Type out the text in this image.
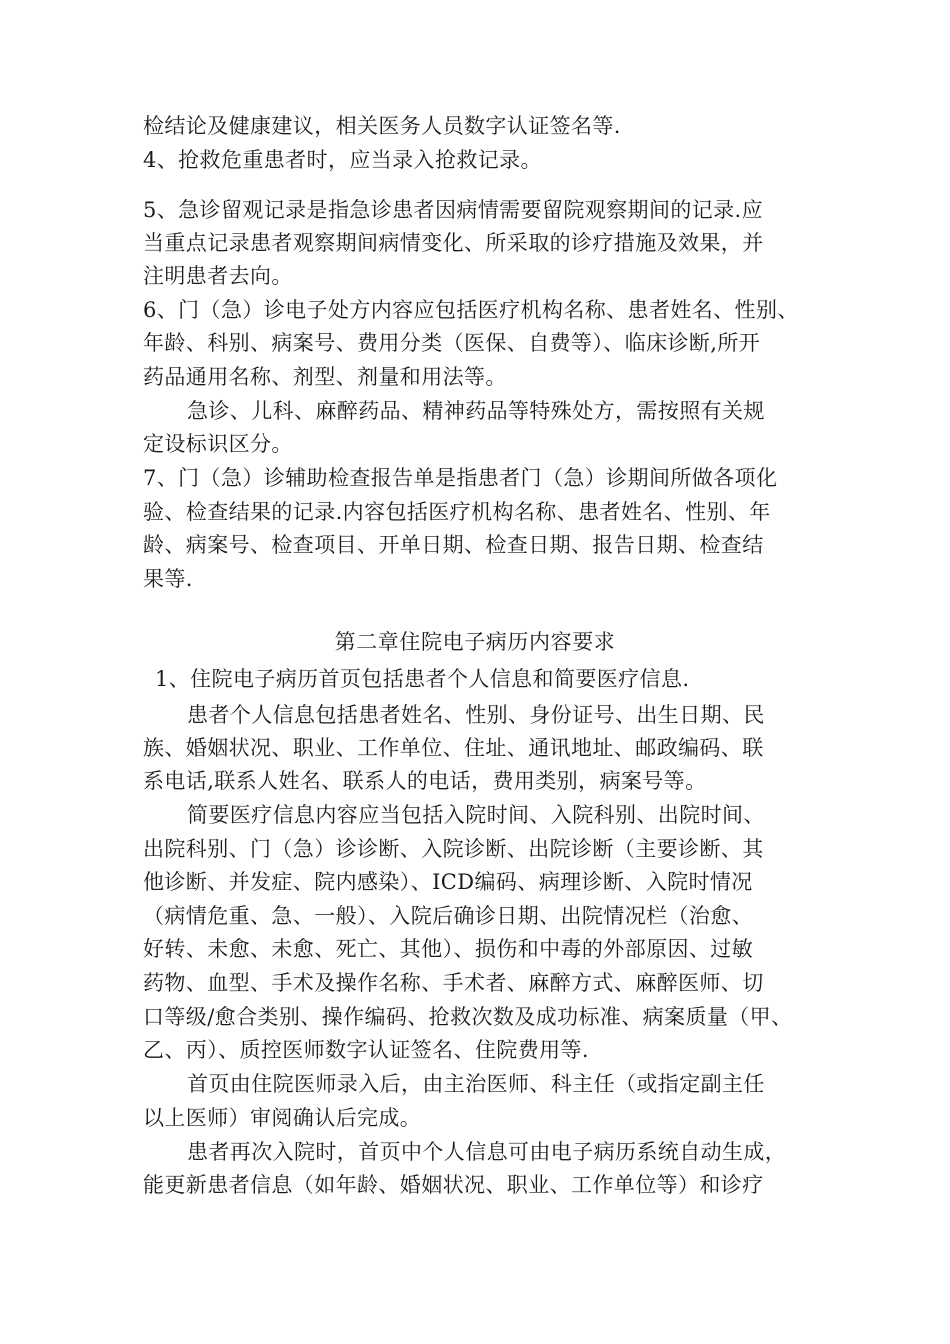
检结论及健康建议，相关医务人员数字认证签名等.
4、抢救危重患者时，应当录入抢救记录。
5、急诊留观记录是指急诊患者因病情需要留院观察期间的记录.应
当重点记录患者观察期间病情变化、所采取的诊疗措施及效果，并
注明患者去向。
6、门（急）诊电子处方内容应包括医疗机构名称、患者姓名、性别、
年龄、科别、病案号、费用分类（医保、自费等）、临床诊断,所开
药品通用名称、剂型、剂量和用法等。
急诊、儿科、麻醉药品、精神药品等特殊处方，需按照有关规
定设标识区分。
7、门（急）诊辅助检查报告单是指患者门（急）诊期间所做各项化
验、检查结果的记录.内容包括医疗机构名称、患者姓名、性别、年
龄、病案号、检查项目、开单日期、检查日期、报告日期、检查结
果等.
第二章住院电子病历内容要求
1、住院电子病历首页包括患者个人信息和简要医疗信息.
患者个人信息包括患者姓名、性别、身份证号、出生日期、民
族、婚姻状况、职业、工作单位、住址、通讯地址、邮政编码、联
系电话,联系人姓名、联系人的电话，费用类别，病案号等。
简要医疗信息内容应当包括入院时间、入院科别、出院时间、
出院科别、门（急）诊诊断、入院诊断、出院诊断（主要诊断、其
他诊断、并发症、院内感染）、ICD编码、病理诊断、入院时情况
（病情危重、急、一般）、入院后确诊日期、出院情况栏（治愈、
好转、未愈、未愈、死亡、其他）、损伤和中毒的外部原因、过敏
药物、血型、手术及操作名称、手术者、麻醉方式、麻醉医师、切
口等级/愈合类别、操作编码、抢救次数及成功标准、病案质量（甲、
乙、丙）、质控医师数字认证签名、住院费用等.
首页由住院医师录入后，由主治医师、科主任（或指定副主任
以上医师）审阅确认后完成。
患者再次入院时，首页中个人信息可由电子病历系统自动生成，
能更新患者信息（如年龄、婚姻状况、职业、工作单位等）和诊疗
